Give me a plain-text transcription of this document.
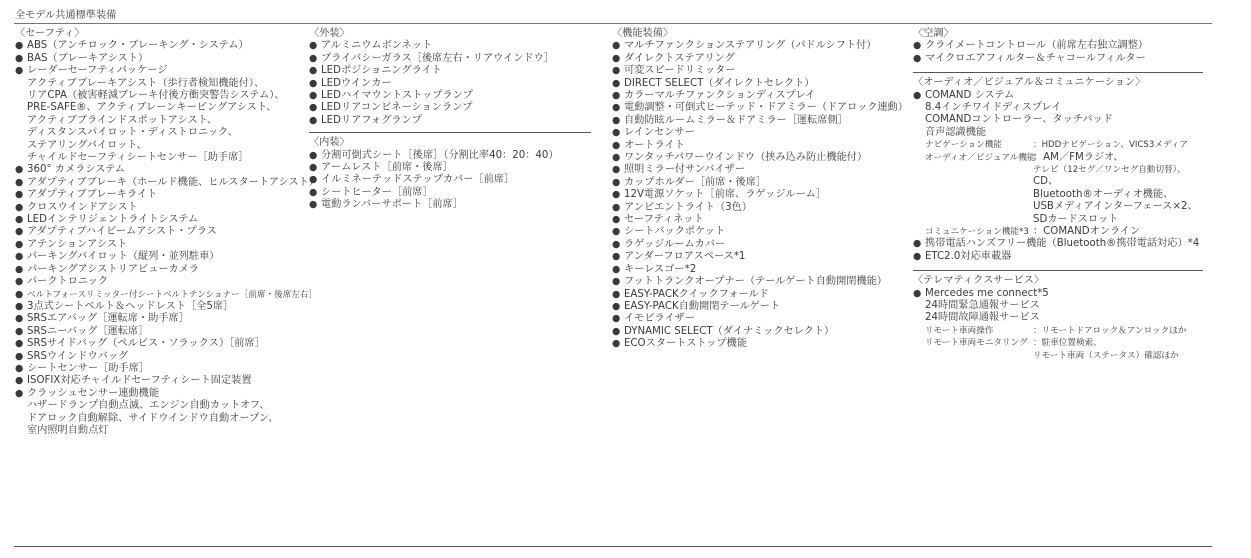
全モデル共通標準装備
〈セーフティ〉
● ABS（アンチロック・ブレーキング・システム）
● BAS（ブレーキアシスト）
● レーダーセーフティパッケージ
アクティブブレーキアシスト（歩行者検知機能付）、
リアCPA（被害軽減ブレーキ付後方衝突警告システム）、
PRE-SAFE®、アクティブレーンキーピングアシスト、
アクティブブラインドスポットアシスト、
ディスタンスパイロット・ディストロニック、
ステアリングパイロット、
チャイルドセーフティシートセンサー［助手席］
● 360° カメラシステム
● アダプティブブレーキ（ホールド機能、ヒルスタートアシスト）
● アダプティブブレーキライト
● クロスウインドアシスト
● LEDインテリジェントライトシステム
● アダプティブハイビームアシスト・プラス
● アテンションアシスト
● パーキングパイロット（縦列・並列駐車）
● パーキングアシストリアビューカメラ
● パークトロニック
● ベルトフォースリミッター付シートベルトテンショナー［前席・後席左右］
● 3点式シートベルト＆ヘッドレスト［全5席］
● SRSエアバッグ［運転席・助手席］
● SRSニーバッグ［運転席］
● SRSサイドバッグ（ペルビス・ソラックス）［前席］
● SRSウインドウバッグ
● シートセンサー［助手席］
● ISOFIX対応チャイルドセーフティシート固定装置
● クラッシュセンサー連動機能
ハザードランプ自動点滅、エンジン自動カットオフ、
ドアロック自動解除、サイドウインドウ自動オープン、
室内照明自動点灯
〈外装〉
● アルミニウムボンネット
● プライバシーガラス［後席左右・リアウインドウ］
● LEDポジショニングライト
● LEDウインカー
● LEDハイマウントストップランプ
● LEDリアコンビネーションランプ
● LEDリアフォグランプ
〈内装〉
● 分割可倒式シート［後席］（分割比率40：20：40）
● アームレスト［前席・後席］
● イルミネーテッドステップカバー［前席］
● シートヒーター［前席］
● 電動ランバーサポート［前席］
〈機能装備〉
● マルチファンクションステアリング（パドルシフト付）
● ダイレクトステアリング
● 可変スピードリミッター
● DIRECT SELECT（ダイレクトセレクト）
● カラーマルチファンクションディスプレイ
● 電動調整・可倒式ヒーテッド・ドアミラー（ドアロック連動）
● 自動防眩ルームミラー＆ドアミラー［運転席側］
● レインセンサー
● オートライト
● ワンタッチパワーウインドウ（挟み込み防止機能付）
● 照明ミラー付サンバイザー
● カップホルダー［前席・後席］
● 12V電源ソケット［前席、ラゲッジルーム］
● アンビエントライト（3色）
● セーフティネット
● シートバックポケット
● ラゲッジルームカバー
● アンダーフロアスペース*1
● キーレスゴー*2
● フットトランクオープナー（テールゲート自動開閉機能）
● EASY-PACKクイックフォールド
● EASY-PACK自動開閉テールゲート
● イモビライザー
● DYNAMIC SELECT（ダイナミックセレクト）
● ECOスタートストップ機能
〈空調〉
● クライメートコントロール（前席左右独立調整）
● マイクロエアフィルター＆チャコールフィルター
〈オーディオ／ビジュアル＆コミュニケーション〉
● COMAND システム
8.4インチワイドディスプレイ
COMANDコントローラー、タッチパッド
音声認識機能
ナビゲーション機能	：HDDナビゲーション、VICS3メディア
オーディオ／ビジュアル機能
：AM／FMラジオ、
テレビ（12セグ／ワンセグ自動切替）、
CD、
Bluetooth®オーディオ機能、
USBメディアインターフェース×2、
SDカードスロット
コミュニケーション機能*3 ：COMANDオンライン
● 携帯電話ハンズフリー機能（Bluetooth®携帯電話対応）*4
● ETC2.0対応車載器
〈テレマティクスサービス〉
● Mercedes me connect*5
24時間緊急通報サービス
24時間故障通報サービス
リモート車両操作	：リモートドアロック＆アンロックほか
リモート車両モニタリング ：駐車位置検索、
リモート車両（ステータス）確認ほか
